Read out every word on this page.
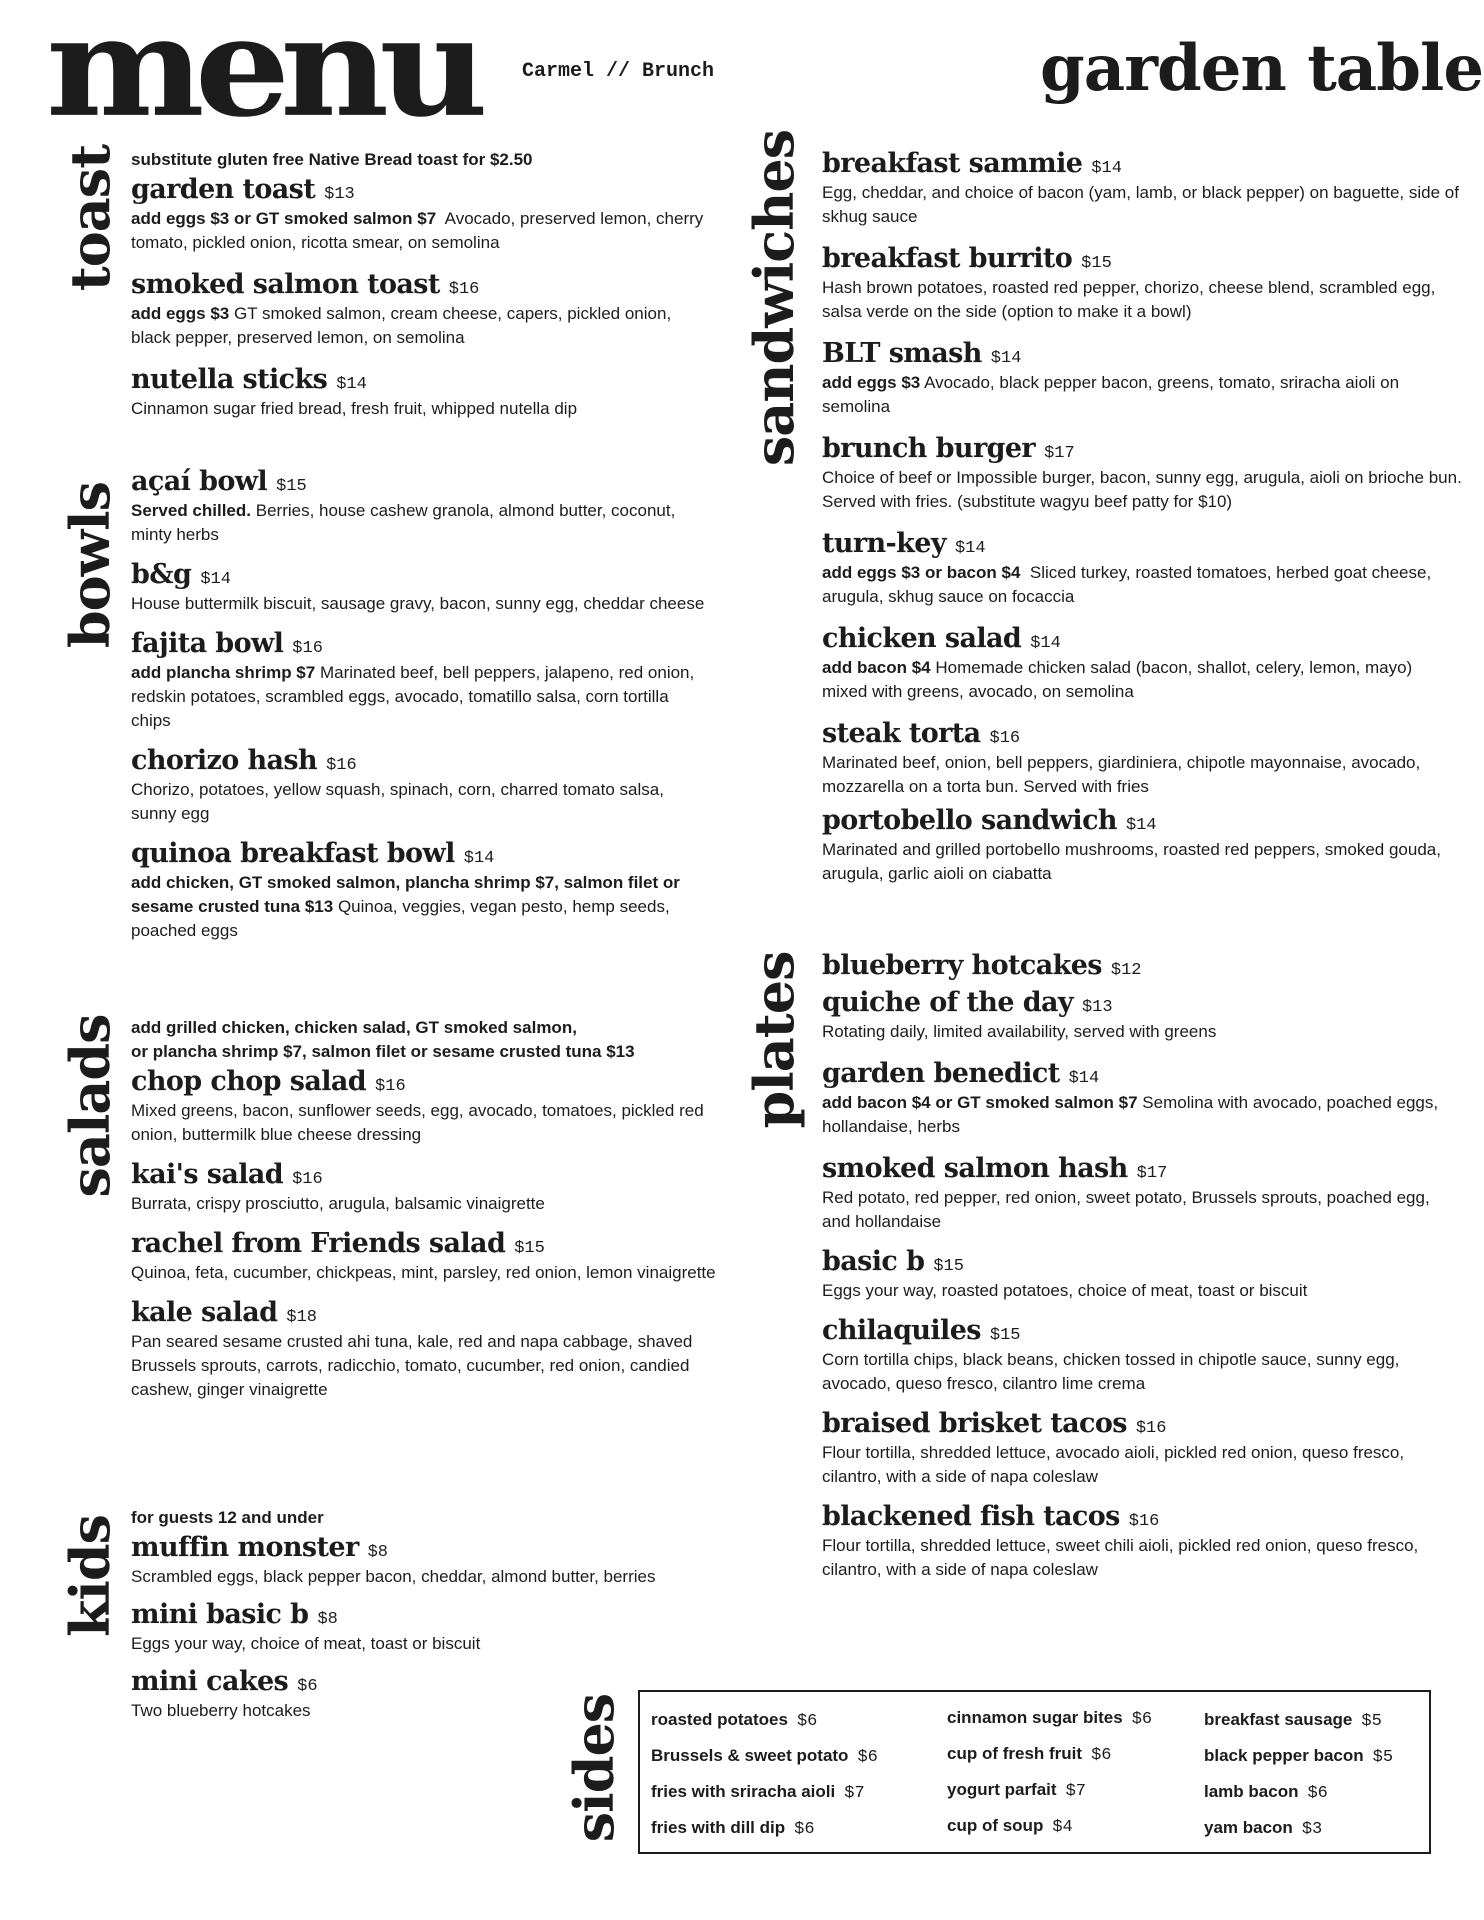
menu Carmel // Brunch	garden table
toast
bowls
salads
kids
sandwiches
plates
sides
substitute gluten free Native Bread toast for $2.50
garden toast $13

add eggs $3 or GT smoked salmon $7 Avocado, preserved lemon, cherry tomato, pickled onion, ricotta smear, on semolina

smoked salmon toast $16

add eggs $3 GT smoked salmon, cream cheese, capers, pickled onion, black pepper, preserved lemon, on semolina

nutella sticks $14

Cinnamon sugar fried bread, fresh fruit, whipped nutella dip

açaí bowl $15

Served chilled. Berries, house cashew granola, almond butter, coconut, minty herbs

b&g $14

House buttermilk biscuit, sausage gravy, bacon, sunny egg, cheddar cheese

fajita bowl $16

add plancha shrimp $7 Marinated beef, bell peppers, jalapeno, red onion, redskin potatoes, scrambled eggs, avocado, tomatillo salsa, corn tortilla chips

chorizo hash $16

Chorizo, potatoes, yellow squash, spinach, corn, charred tomato salsa, sunny egg

quinoa breakfast bowl $14

add chicken, GT smoked salmon, plancha shrimp $7, salmon filet or sesame crusted tuna $13 Quinoa, veggies, vegan pesto, hemp seeds, poached eggs

add grilled chicken, chicken salad, GT smoked salmon,
or plancha shrimp $7, salmon filet or sesame crusted tuna $13
chop chop salad $16

Mixed greens, bacon, sunflower seeds, egg, avocado, tomatoes, pickled red onion, buttermilk blue cheese dressing

kai's salad $16

Burrata, crispy prosciutto, arugula, balsamic vinaigrette

rachel from Friends salad $15

Quinoa, feta, cucumber, chickpeas, mint, parsley, red onion, lemon vinaigrette

kale salad $18

Pan seared sesame crusted ahi tuna, kale, red and napa cabbage, shaved Brussels sprouts, carrots, radicchio, tomato, cucumber, red onion, candied cashew, ginger vinaigrette

for guests 12 and under
muffin monster $8

Scrambled eggs, black pepper bacon, cheddar, almond butter, berries

mini basic b $8

Eggs your way, choice of meat, toast or biscuit

mini cakes $6

Two blueberry hotcakes

breakfast sammie $14

Egg, cheddar, and choice of bacon (yam, lamb, or black pepper) on baguette, side of skhug sauce

breakfast burrito $15

Hash brown potatoes, roasted red pepper, chorizo, cheese blend, scrambled egg, salsa verde on the side (option to make it a bowl)

BLT smash $14

add eggs $3 Avocado, black pepper bacon, greens, tomato, sriracha aioli on semolina

brunch burger $17

Choice of beef or Impossible burger, bacon, sunny egg, arugula, aioli on brioche bun. Served with fries. (substitute wagyu beef patty for $10)

turn-key $14

add eggs $3 or bacon $4 Sliced turkey, roasted tomatoes, herbed goat cheese, arugula, skhug sauce on focaccia

chicken salad $14

add bacon $4 Homemade chicken salad (bacon, shallot, celery, lemon, mayo) mixed with greens, avocado, on semolina

steak torta $16

Marinated beef, onion, bell peppers, giardiniera, chipotle mayonnaise, avocado, mozzarella on a torta bun. Served with fries

portobello sandwich $14

Marinated and grilled portobello mushrooms, roasted red peppers, smoked gouda, arugula, garlic aioli on ciabatta

blueberry hotcakes $12
quiche of the day $13

Rotating daily, limited availability, served with greens

garden benedict $14

add bacon $4 or GT smoked salmon $7 Semolina with avocado, poached eggs, hollandaise, herbs

smoked salmon hash $17

Red potato, red pepper, red onion, sweet potato, Brussels sprouts, poached egg, and hollandaise

basic b $15

Eggs your way, roasted potatoes, choice of meat, toast or biscuit

chilaquiles $15

Corn tortilla chips, black beans, chicken tossed in chipotle sauce, sunny egg, avocado, queso fresco, cilantro lime crema

braised brisket tacos $16

Flour tortilla, shredded lettuce, avocado aioli, pickled red onion, queso fresco, cilantro, with a side of napa coleslaw

blackened fish tacos $16

Flour tortilla, shredded lettuce, sweet chili aioli, pickled red onion, queso fresco, cilantro, with a side of napa coleslaw

roasted potatoes $6
Brussels & sweet potato $6
fries with sriracha aioli $7
fries with dill dip $6
cinnamon sugar bites $6
cup of fresh fruit $6
yogurt parfait $7
cup of soup $4
breakfast sausage $5
black pepper bacon $5
lamb bacon $6
yam bacon $3
